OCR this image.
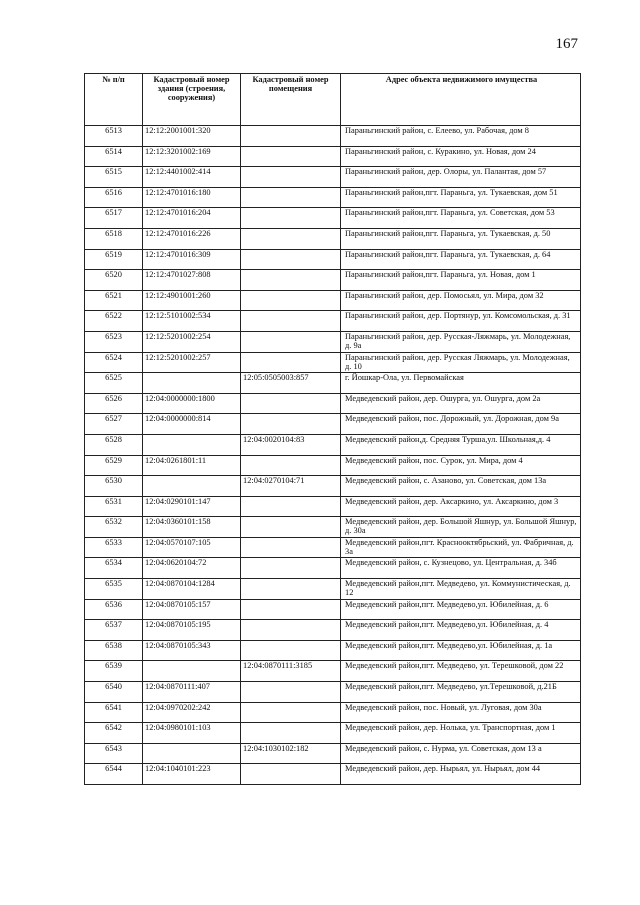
167
№ п/п	Кадастровый номер здания (строения, сооружения)	Кадастровый номер помещения	Адрес объекта недвижимого имущества
6513	12:12:2001001:320		Параньгинский район, с. Елеево, ул. Рабочая, дом 8
6514	12:12:3201002:169		Параньгинский район, с. Куракино, ул. Новая, дом 24
6515	12:12:4401002:414		Параньгинский район, дер. Олоры, ул. Палантая, дом 57
6516	12:12:4701016:180		Параньгинский район,пгт. Параньга, ул. Тукаевская, дом 51
6517	12:12:4701016:204		Параньгинский район,пгт. Параньга, ул. Советская, дом 53
6518	12:12:4701016:226		Параньгинский район,пгт. Параньга, ул. Тукаевская, д. 50
6519	12:12:4701016:309		Параньгинский район,пгт. Параньга, ул. Тукаевская, д. 64
6520	12:12:4701027:808		Параньгинский район,пгт. Параньга, ул. Новая, дом 1
6521	12:12:4901001:260		Параньгинский район, дер. Помосьял, ул. Мира, дом 32
6522	12:12:5101002:534		Параньгинский район, дер. Портянур, ул. Комсомольская, д. 31
6523	12:12:5201002:254		Параньгинский район, дер. Русская-Ляжмарь, ул. Молодежная, д. 9а
6524	12:12:5201002:257		Параньгинский район, дер. Русская Ляжмарь, ул. Молодежная, д. 10
6525		12:05:0505003:857	г. Йошкар-Ола, ул. Первомайская
6526	12:04:0000000:1800		Медведевский район, дер. Ошурга, ул. Ошурга, дом 2а
6527	12:04:0000000:814		Медведевский район, пос. Дорожный, ул. Дорожная, дом 9а
6528		12:04:0020104:83	Медведевский район,д. Средняя Турша,ул. Школьная,д. 4
6529	12:04:0261801:11		Медведевский район, пос. Сурок, ул. Мира, дом 4
6530		12:04:0270104:71	Медведевский район, с. Азаново, ул. Советская, дом 13а
6531	12:04:0290101:147		Медведевский район, дер. Аксаркино, ул. Аксаркино, дом 3
6532	12:04:0360101:158		Медведевский район, дер. Большой Яшнур, ул. Большой Яшнур, д. 30а
6533	12:04:0570107:105		Медведевский район,пгт. Краснооктябрьский, ул. Фабричная, д. 3а
6534	12:04:0620104:72		Медведевский район, с. Кузнецово, ул. Центральная, д. 34б
6535	12:04:0870104:1284		Медведевский район,пгт. Медведево, ул. Коммунистическая, д. 12
6536	12:04:0870105:157		Медведевский район,пгт. Медведево,ул. Юбилейная, д. 6
6537	12:04:0870105:195		Медведевский район,пгт. Медведево,ул. Юбилейная, д. 4
6538	12:04:0870105:343		Медведевский район,пгт. Медведево,ул. Юбилейная, д. 1а
6539		12:04:0870111:3185	Медведевский район,пгт. Медведево, ул. Терешковой, дом 22
6540	12:04:0870111:407		Медведевский район,пгт. Медведево, ул.Терешковой, д.21Б
6541	12:04:0970202:242		Медведевский район, пос. Новый, ул. Луговая, дом 30а
6542	12:04:0980101:103		Медведевский район, дер. Нолька, ул. Транспортная, дом 1
6543		12:04:1030102:182	Медведевский район, с. Нурма, ул. Советская, дом 13 а
6544	12:04:1040101:223		Медведевский район, дер. Нырьял, ул. Нырьял, дом 44
